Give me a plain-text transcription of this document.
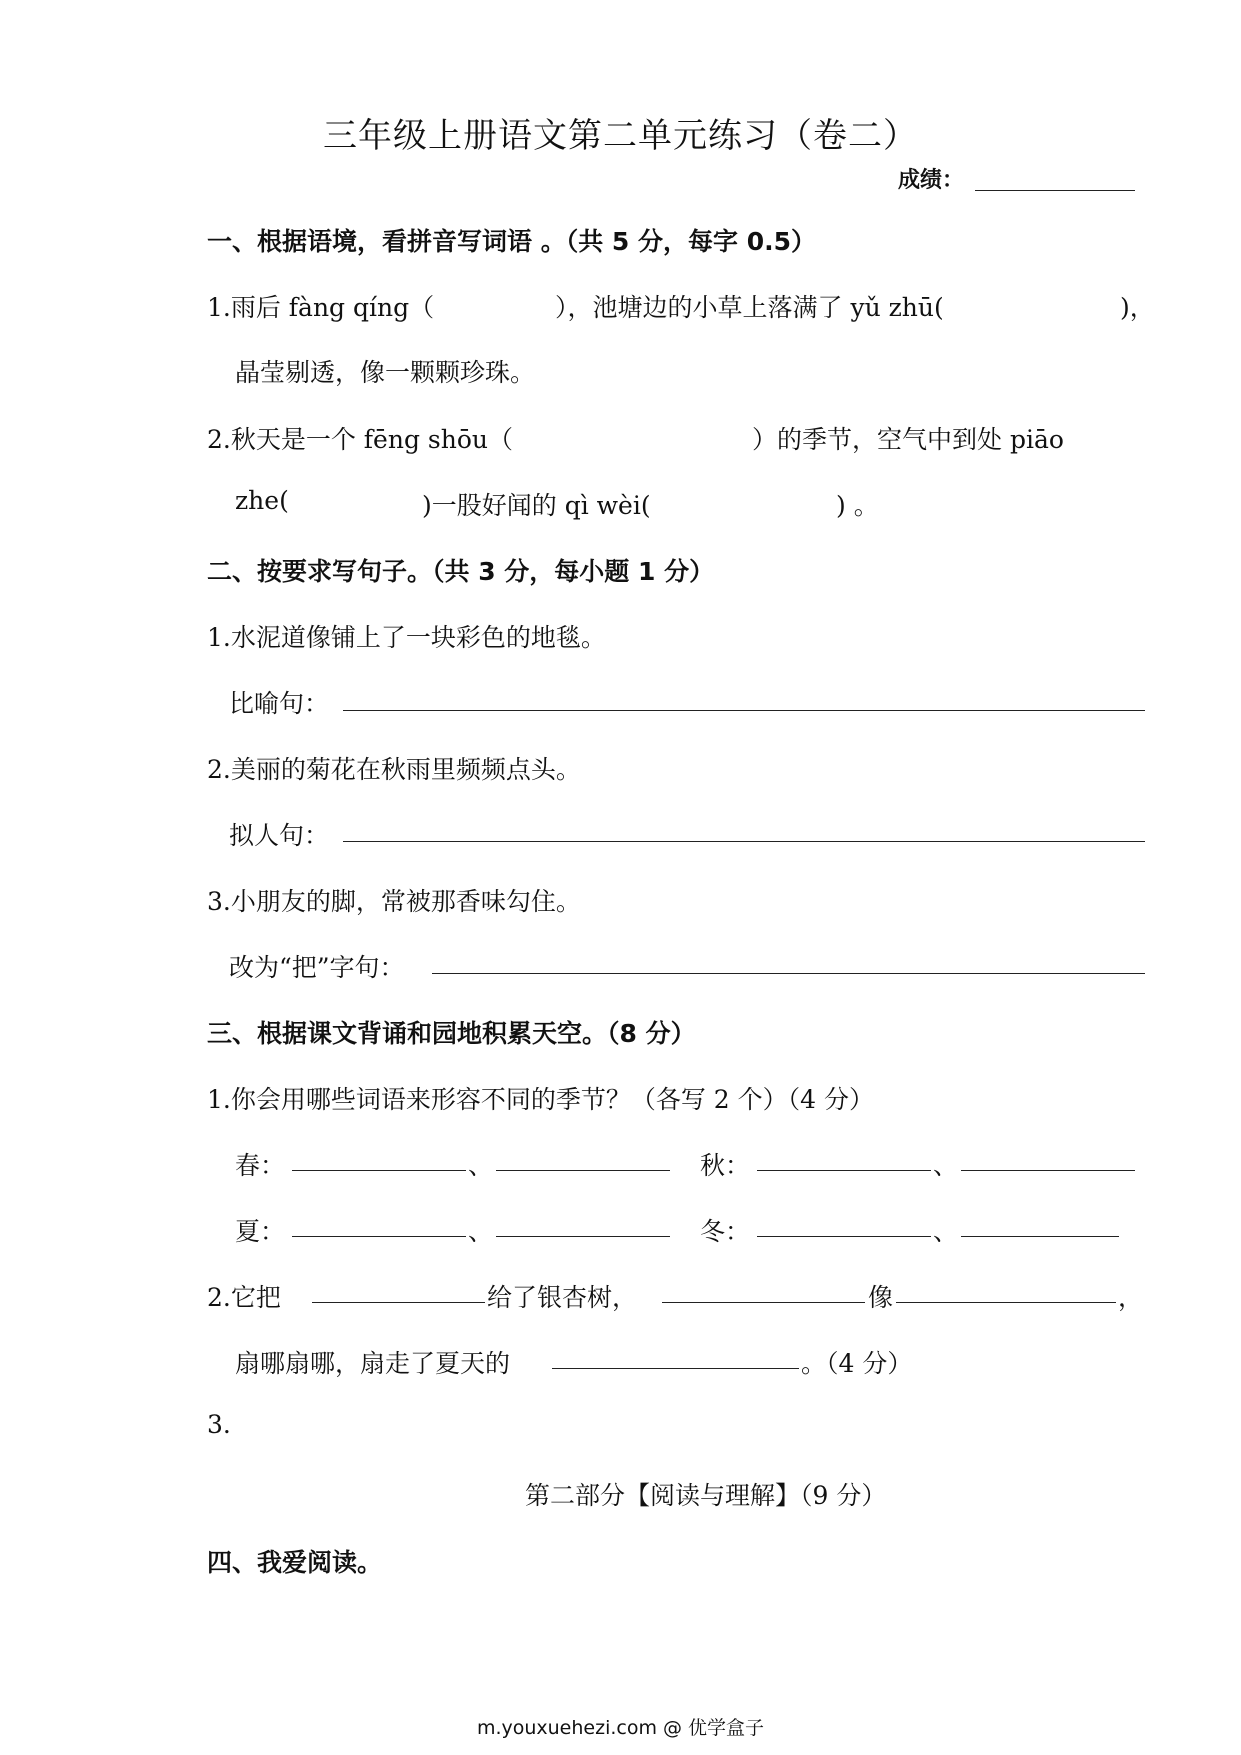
三年级上册语文第二单元练习（卷二）
成绩：
一、根据语境，看拼音写词语 。（共 5 分，每字 0.5）
1.雨后 fàng qíng（	），池塘边的小草上落满了 yǔ zhū(	)，
晶莹剔透，像一颗颗珍珠。
2.秋天是一个 fēng shōu（	）的季节，空气中到处 piāo
zhe(	)一股好闻的 qì wèi(	) 。
二、按要求写句子。（共 3 分，每小题 1 分）
1.水泥道像铺上了一块彩色的地毯。
比喻句：
2.美丽的菊花在秋雨里频频点头。
拟人句：
3.小朋友的脚，常被那香味勾住。
改为“把”字句：
三、根据课文背诵和园地积累天空。（8 分）
1.你会用哪些词语来形容不同的季节？（各写 2 个）（4 分）
春：	、	秋：	、
夏：	、	冬：	、
2.它把	给了银杏树，	像	，
扇哪扇哪，扇走了夏天的	。（4 分）
3.
第二部分【阅读与理解】（9 分）
四、我爱阅读。
m.youxuehezi.com @ 优学盒子
